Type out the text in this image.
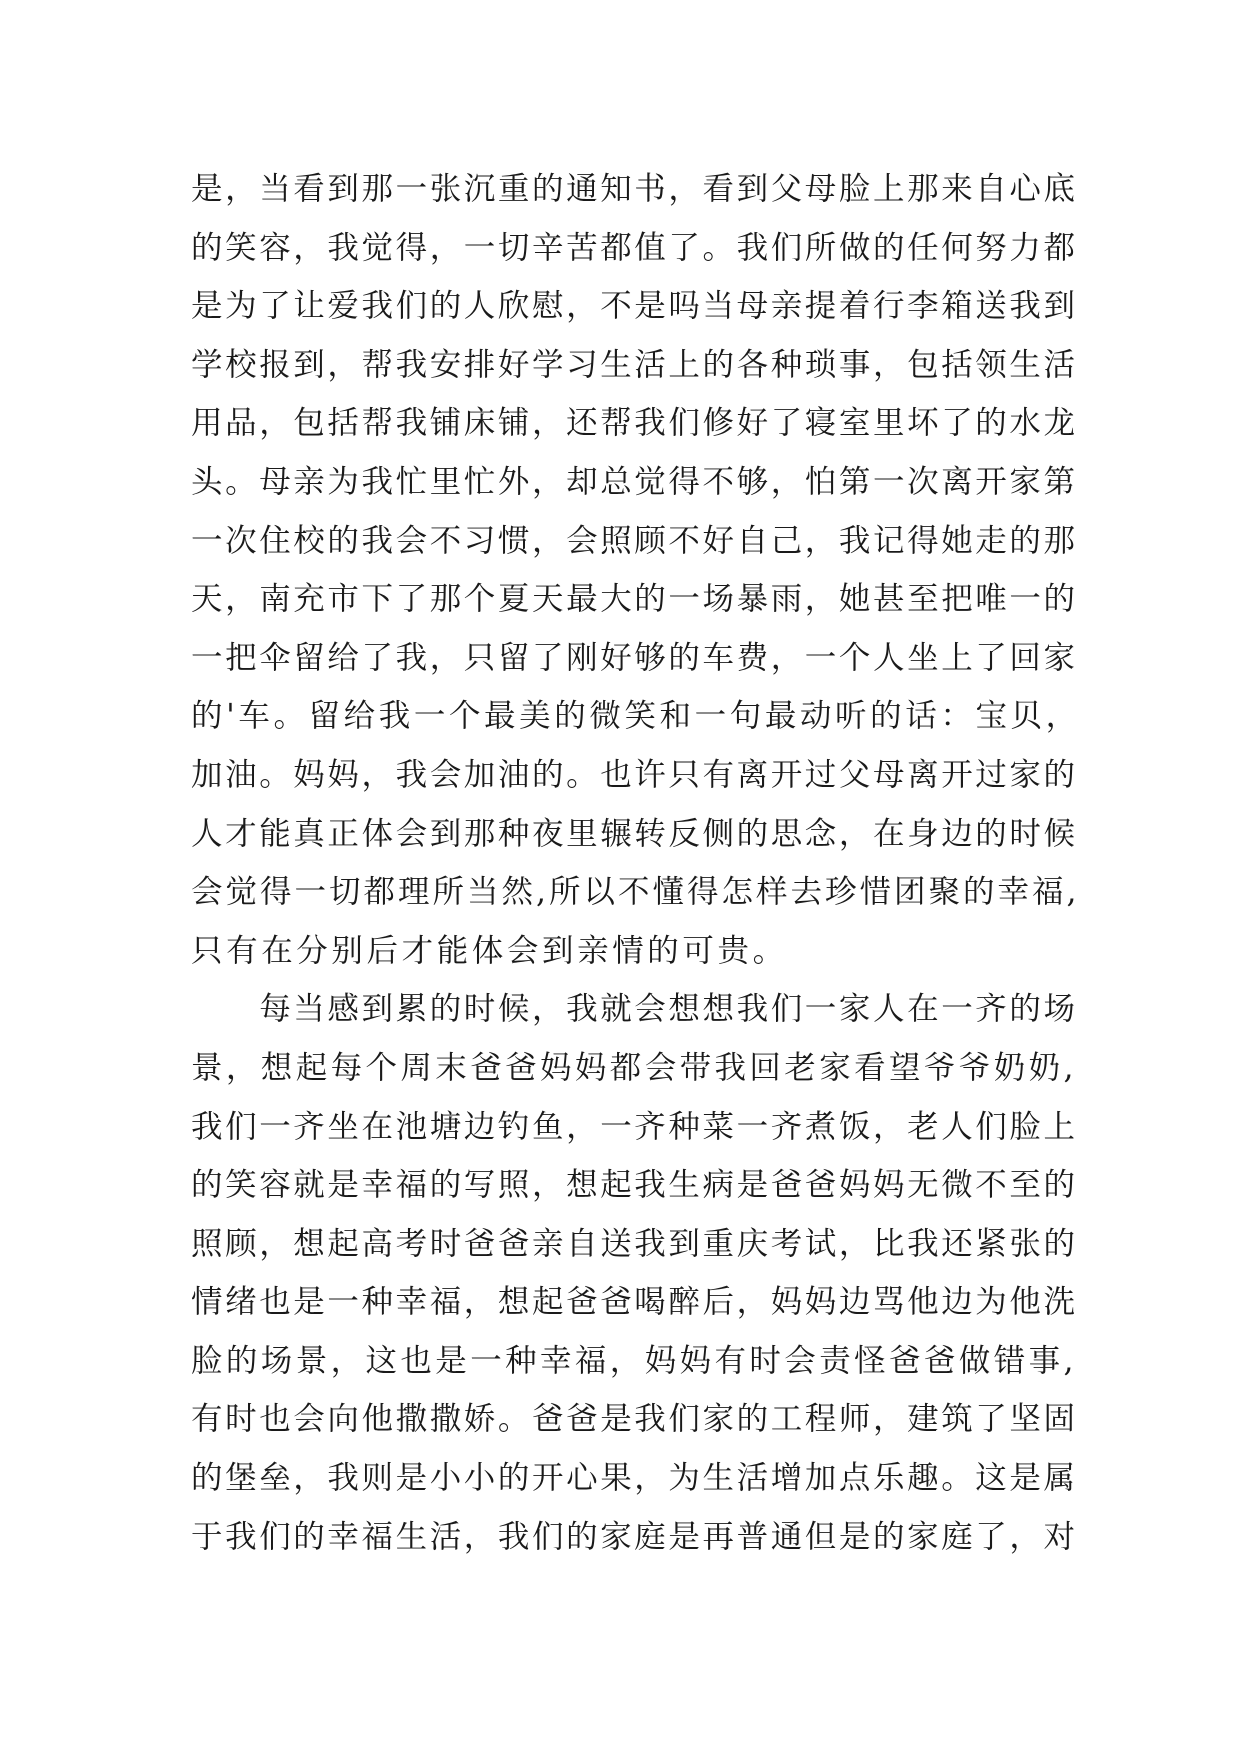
是，当看到那一张沉重的通知书，看到父母脸上那来自心底
的笑容，我觉得，一切辛苦都值了。我们所做的任何努力都
是为了让爱我们的人欣慰，不是吗当母亲提着行李箱送我到
学校报到，帮我安排好学习生活上的各种琐事，包括领生活
用品，包括帮我铺床铺，还帮我们修好了寝室里坏了的水龙
头。母亲为我忙里忙外，却总觉得不够，怕第一次离开家第
一次住校的我会不习惯，会照顾不好自己，我记得她走的那
天，南充市下了那个夏天最大的一场暴雨，她甚至把唯一的
一把伞留给了我，只留了刚好够的车费，一个人坐上了回家
的'车。留给我一个最美的微笑和一句最动听的话：宝贝，
加油。妈妈，我会加油的。也许只有离开过父母离开过家的
人才能真正体会到那种夜里辗转反侧的思念，在身边的时候
会觉得一切都理所当然,所以不懂得怎样去珍惜团聚的幸福,
只有在分别后才能体会到亲情的可贵。
　　每当感到累的时候，我就会想想我们一家人在一齐的场
景，想起每个周末爸爸妈妈都会带我回老家看望爷爷奶奶,
我们一齐坐在池塘边钓鱼，一齐种菜一齐煮饭，老人们脸上
的笑容就是幸福的写照，想起我生病是爸爸妈妈无微不至的
照顾，想起高考时爸爸亲自送我到重庆考试，比我还紧张的
情绪也是一种幸福，想起爸爸喝醉后，妈妈边骂他边为他洗
脸的场景，这也是一种幸福，妈妈有时会责怪爸爸做错事,
有时也会向他撒撒娇。爸爸是我们家的工程师，建筑了坚固
的堡垒，我则是小小的开心果，为生活增加点乐趣。这是属
于我们的幸福生活，我们的家庭是再普通但是的家庭了，对
